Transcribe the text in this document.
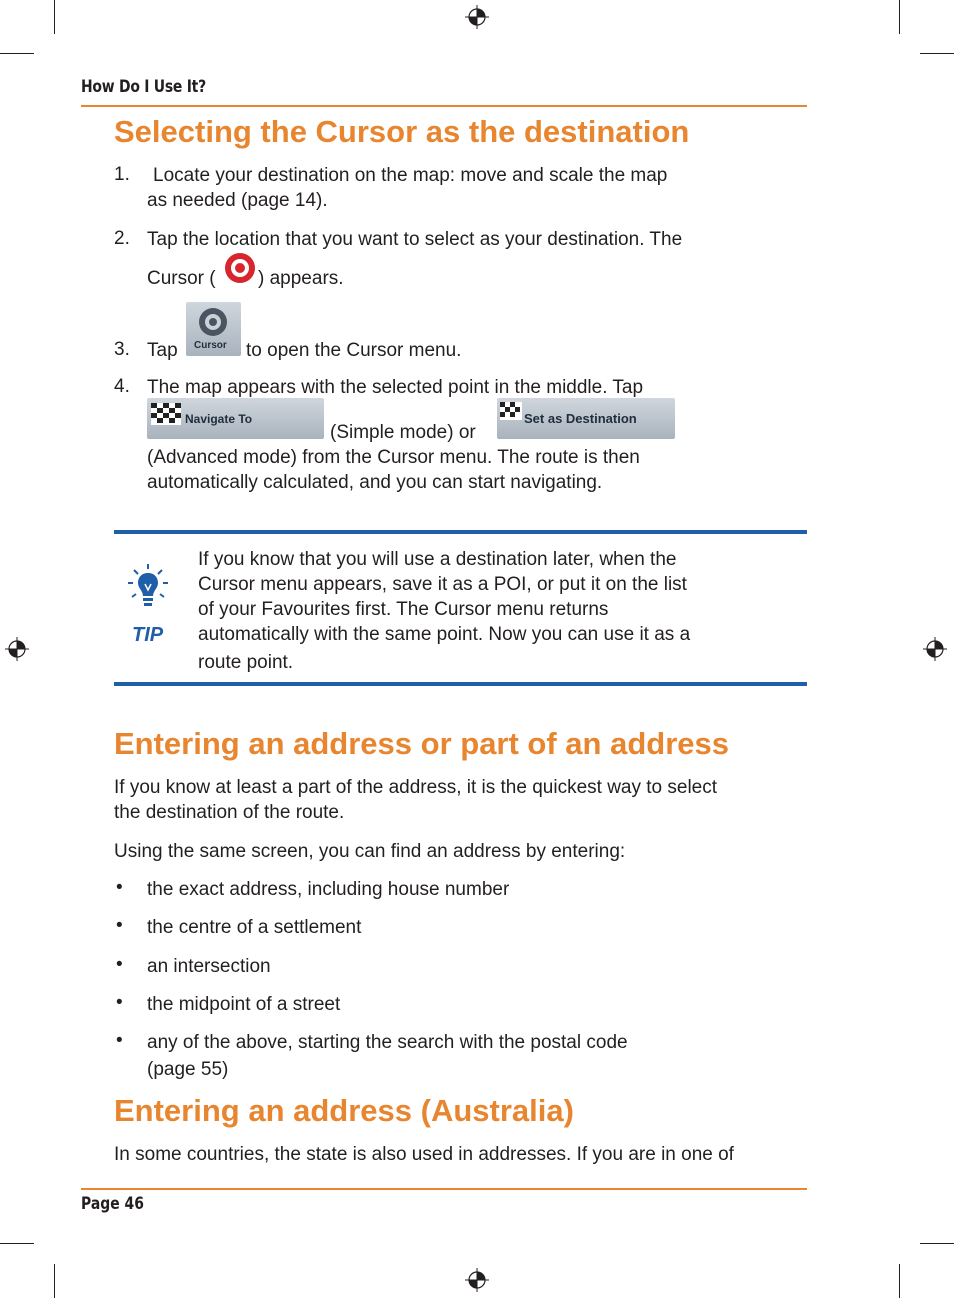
How Do I Use It?
Selecting the Cursor as the destination
1. Locate your destination on the map: move and scale the map
as needed (page 14).
2. Tap the location that you want to select as your destination. The
Cursor ( ) appears.
3. Tap Cursor to open the Cursor menu.
4. The map appears with the selected point in the middle. Tap
Navigate To
(Simple mode) or
Set as Destination
(Advanced mode) from the Cursor menu. The route is then
automatically calculated, and you can start navigating.
TIP
If you know that you will use a destination later, when the
Cursor menu appears, save it as a POI, or put it on the list
of your Favourites first. The Cursor menu returns
automatically with the same point. Now you can use it as a
route point.
Entering an address or part of an address
If you know at least a part of the address, it is the quickest way to select
the destination of the route.
Using the same screen, you can find an address by entering:
• the exact address, including house number
• the centre of a settlement
• an intersection
• the midpoint of a street
• any of the above, starting the search with the postal code
(page 55)
Entering an address (Australia)
In some countries, the state is also used in addresses. If you are in one of
Page 46
